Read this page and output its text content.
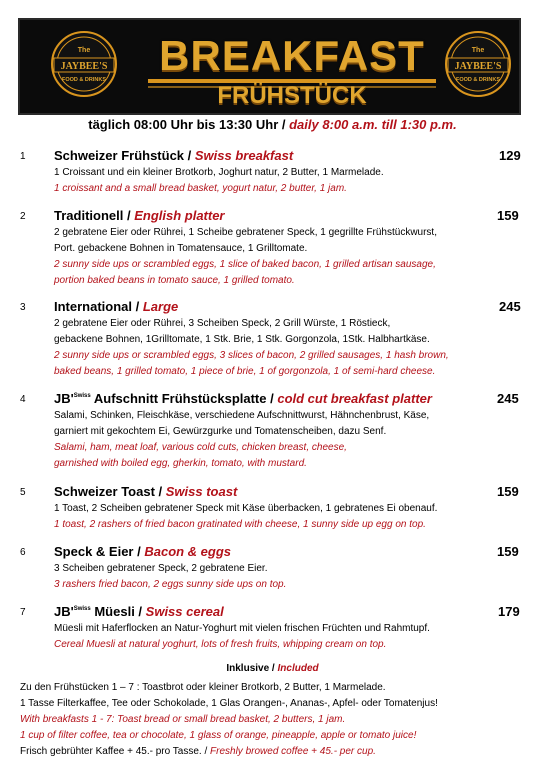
The
JAYBEE'S
FOOD & DRINKS
The
JAYBEE'S
FOOD & DRINKS
BREAKFAST
FRÜHSTÜCK
täglich 08:00 Uhr bis 13:30 Uhr / daily 8:00 a.m. till 1:30 p.m.
1 Schweizer Frühstück / Swiss breakfast	129
1 Croissant und ein kleiner Brotkorb, Joghurt natur, 2 Butter, 1 Marmelade.
1 croissant and a small bread basket, yogurt natur, 2 butter, 1 jam.
2 Traditionell / English platter	159
2 gebratene Eier oder Rührei, 1 Scheibe gebratener Speck, 1 gegrillte Frühstückwurst,
Port. gebackene Bohnen in Tomatensauce, 1 Grilltomate.
2 sunny side ups or scrambled eggs, 1 slice of baked bacon, 1 grilled artisan sausage,
portion baked beans in tomato sauce, 1 grilled tomato.
3 International / Large	245
2 gebratene Eier oder Rührei, 3 Scheiben Speck, 2 Grill Würste, 1 Röstieck,
gebackene Bohnen, 1Grilltomate, 1 Stk. Brie, 1 Stk. Gorgonzola, 1Stk. Halbhartkäse.
2 sunny side ups or scrambled eggs, 3 slices of bacon, 2 grilled sausages, 1 hash brown,
baked beans, 1 grilled tomato, 1 piece of brie, 1 of gorgonzola, 1 of semi-hard cheese.
4 $JB'^{Swiss}$ Aufschnitt Frühstücksplatte / cold cut breakfast platter	245
Salami, Schinken, Fleischkäse, verschiedene Aufschnittwurst, Hähnchenbrust, Käse,
garniert mit gekochtem Ei, Gewürzgurke und Tomatenscheiben, dazu Senf.
Salami, ham, meat loaf, various cold cuts, chicken breast, cheese,
garnished with boiled egg, gherkin, tomato, with mustard.
5 Schweizer Toast / Swiss toast	159
1 Toast, 2 Scheiben gebratener Speck mit Käse überbacken, 1 gebratenes Ei obenauf.
1 toast, 2 rashers of fried bacon gratinated with cheese, 1 sunny side up egg on top.
6 Speck & Eier / Bacon & eggs	159
3 Scheiben gebratener Speck, 2 gebratene Eier.
3 rashers fried bacon, 2 eggs sunny side ups on top.
7 $JB'^{Swiss}$ Müesli / Swiss cereal	179
Müesli mit Haferflocken an Natur-Yoghurt mit vielen frischen Früchten und Rahmtupf.
Cereal Muesli at natural yoghurt, lots of fresh fruits, whipping cream on top.
Inklusive / Included
Zu den Frühstücken 1 – 7 : Toastbrot oder kleiner Brotkorb, 2 Butter, 1 Marmelade.
1 Tasse Filterkaffee, Tee oder Schokolade, 1 Glas Orangen-, Ananas-, Apfel- oder Tomatenjus!
With breakfasts 1 - 7: Toast bread or small bread basket, 2 butters, 1 jam.
1 cup of filter coffee, tea or chocolate, 1 glass of orange, pineapple, apple or tomato juice!
Frisch gebrühter Kaffee + 45.- pro Tasse. / Freshly browed coffee + 45.- per cup.
